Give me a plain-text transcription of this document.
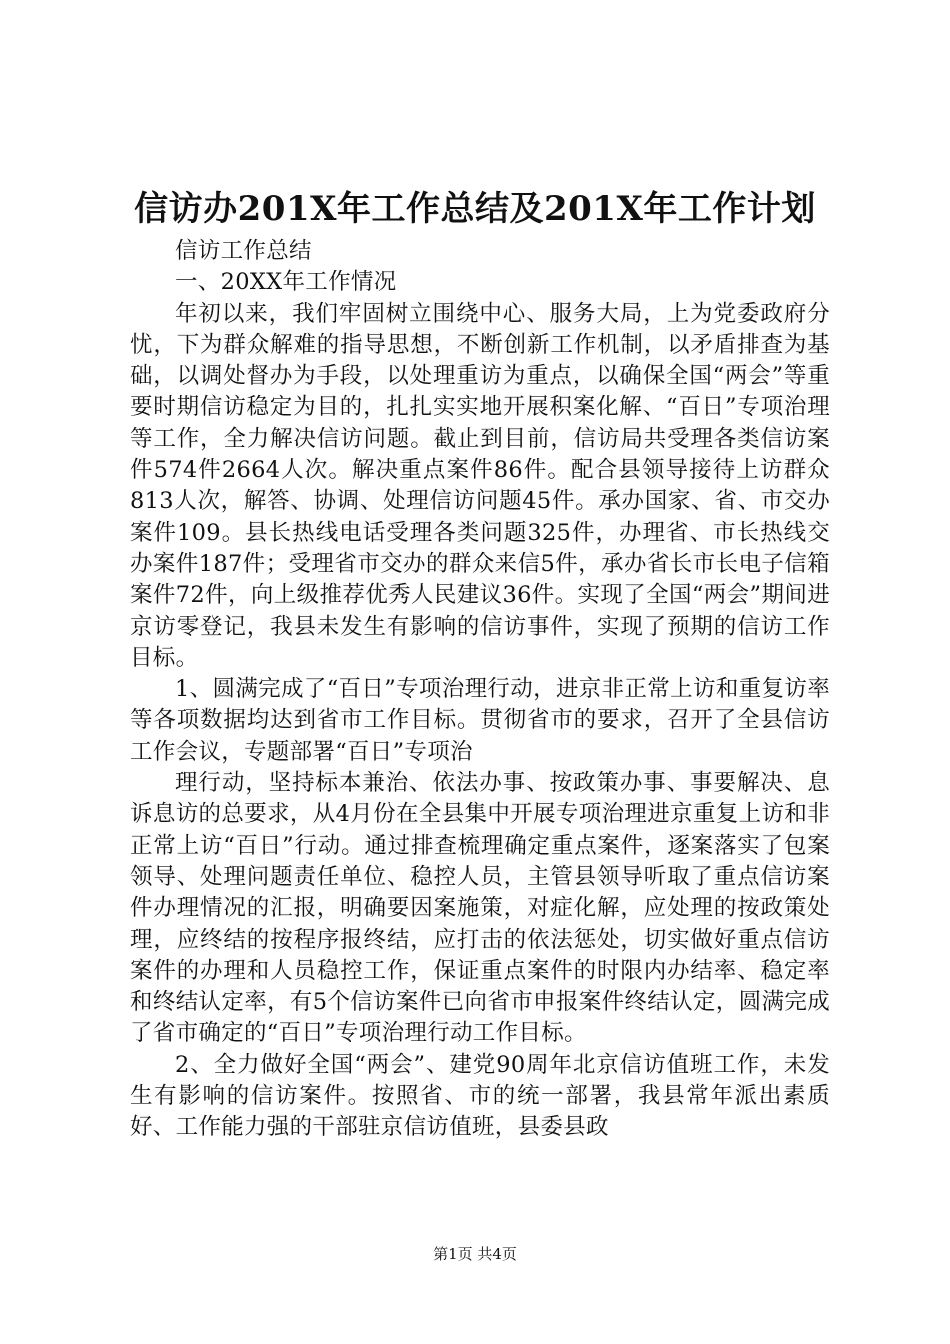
信访办201X年工作总结及201X年工作计划

信访工作总结

一、20XX年工作情况

年初以来，我们牢固树立围绕中心、服务大局，上为党委政府分忧，下为群众解难的指导思想，不断创新工作机制，以矛盾排查为基础，以调处督办为手段，以处理重访为重点，以确保全国“两会”等重要时期信访稳定为目的，扎扎实实地开展积案化解、“百日”专项治理等工作，全力解决信访问题。截止到目前，信访局共受理各类信访案件574件2664人次。解决重点案件86件。配合县领导接待上访群众813人次，解答、协调、处理信访问题45件。承办国家、省、市交办案件109。县长热线电话受理各类问题325件，办理省、市长热线交办案件187件；受理省市交办的群众来信5件，承办省长市长电子信箱案件72件，向上级推荐优秀人民建议36件。实现了全国“两会”期间进京访零登记，我县未发生有影响的信访事件，实现了预期的信访工作目标。

1、圆满完成了“百日”专项治理行动，进京非正常上访和重复访率等各项数据均达到省市工作目标。贯彻省市的要求，召开了全县信访工作会议，专题部署“百日”专项治

理行动，坚持标本兼治、依法办事、按政策办事、事要解决、息诉息访的总要求，从4月份在全县集中开展专项治理进京重复上访和非正常上访“百日”行动。通过排查梳理确定重点案件，逐案落实了包案领导、处理问题责任单位、稳控人员，主管县领导听取了重点信访案件办理情况的汇报，明确要因案施策，对症化解，应处理的按政策处理，应终结的按程序报终结，应打击的依法惩处，切实做好重点信访案件的办理和人员稳控工作，保证重点案件的时限内办结率、稳定率和终结认定率，有5个信访案件已向省市申报案件终结认定，圆满完成了省市确定的“百日”专项治理行动工作目标。

2、全力做好全国“两会”、建党90周年北京信访值班工作，未发生有影响的信访案件。按照省、市的统一部署，我县常年派出素质好、工作能力强的干部驻京信访值班，县委县政

第1页 共4页
